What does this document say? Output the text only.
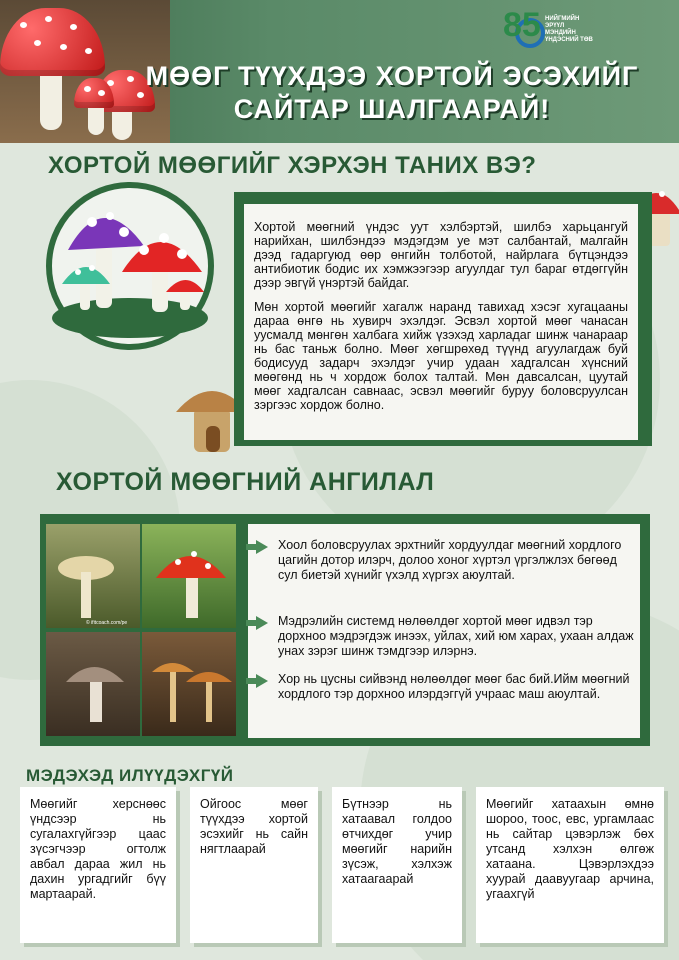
85 НИЙГМИЙН
ЭРҮҮЛ МЭНДИЙН
ҮНДЭСНИЙ ТӨВ
МӨӨГ ТҮҮХДЭЭ ХОРТОЙ ЭСЭХИЙГ
САЙТАР ШАЛГААРАЙ!
ХОРТОЙ МӨӨГИЙГ ХЭРХЭН ТАНИХ ВЭ?

Хортой мөөгний үндэс уут хэлбэртэй, шилбэ харьцангуй нарийхан, шилбэндээ мэдэгдэм уе мэт салбантай, малгайн дээд гадаргуюд өөр өнгийн толботой, найрлага бүтцэндээ антибиотик бодис их хэмжээгээр агуулдаг тул бараг өтдөггүйн дээр эвгүй үнэртэй байдаг.

Мөн хортой мөөгийг хагалж наранд тавихад хэсэг хугацааны дараа өнгө нь хувирч эхэлдэг. Эсвэл хортой мөөг чанасан уусмалд мөнгөн халбага хийж үзэхэд харладаг шинж чанараар нь бас таньж болно. Мөөг хөгшрөхөд түүнд агуулагдаж буй бодисууд задарч эхэлдэг учир удаан хадгалсан хүнсний мөөгөнд нь ч хордож болох талтай. Мөн давсалсан, цуутай мөөг хадгалсан савнаас, эсвэл мөөгийг буруу боловсруулсан зэргээс хордож болно.

ХОРТОЙ МӨӨГНИЙ АНГИЛАЛ
© ifitcoach.com/pe
Хоол боловсруулах эрхтнийг хордуулдаг мөөгний хордлого цагийн дотор илэрч, долоо хоног хүртэл үргэлжлэх бөгөөд сул биетэй хүнийг үхэлд хүргэх аюултай.
Мэдрэлийн системд нөлөөлдөг хортой мөөг идвэл тэр дорхноо мэдрэгдэж инээх, уйлах, хий юм харах, ухаан алдаж унах зэрэг шинж тэмдгээр илэрнэ.
Хор нь цусны сийвэнд нөлөөлдөг мөөг бас бий.Ийм мөөгний хордлого тэр дорхноо илэрдэггүй учраас маш аюултай.
МЭДЭХЭД ИЛҮҮДЭХГҮЙ
Мөөгийг херснөөс үндсээр нь сугалахгүйгээр цаас зүсэгчээр огтолж авбал дараа жил нь дахин ургадгийг бүү мартаарай.
Ойгоос мөөг түүхдээ хортой эсэхийг нь сайн нягтлаарай
Бүтнээр нь хатаавал голдоо өтчихдөг учир мөөгийг нарийн зүсэж, хэлхэж хатаагаарай
Мөөгийг хатаахын өмнө шороо, тоос, евс, ургамлаас нь сайтар цэвэрлэж бөх утсанд хэлхэн өлгөж хатаана. Цэвэрлэхдээ хуурай даавуугаар арчина, угаахгүй
